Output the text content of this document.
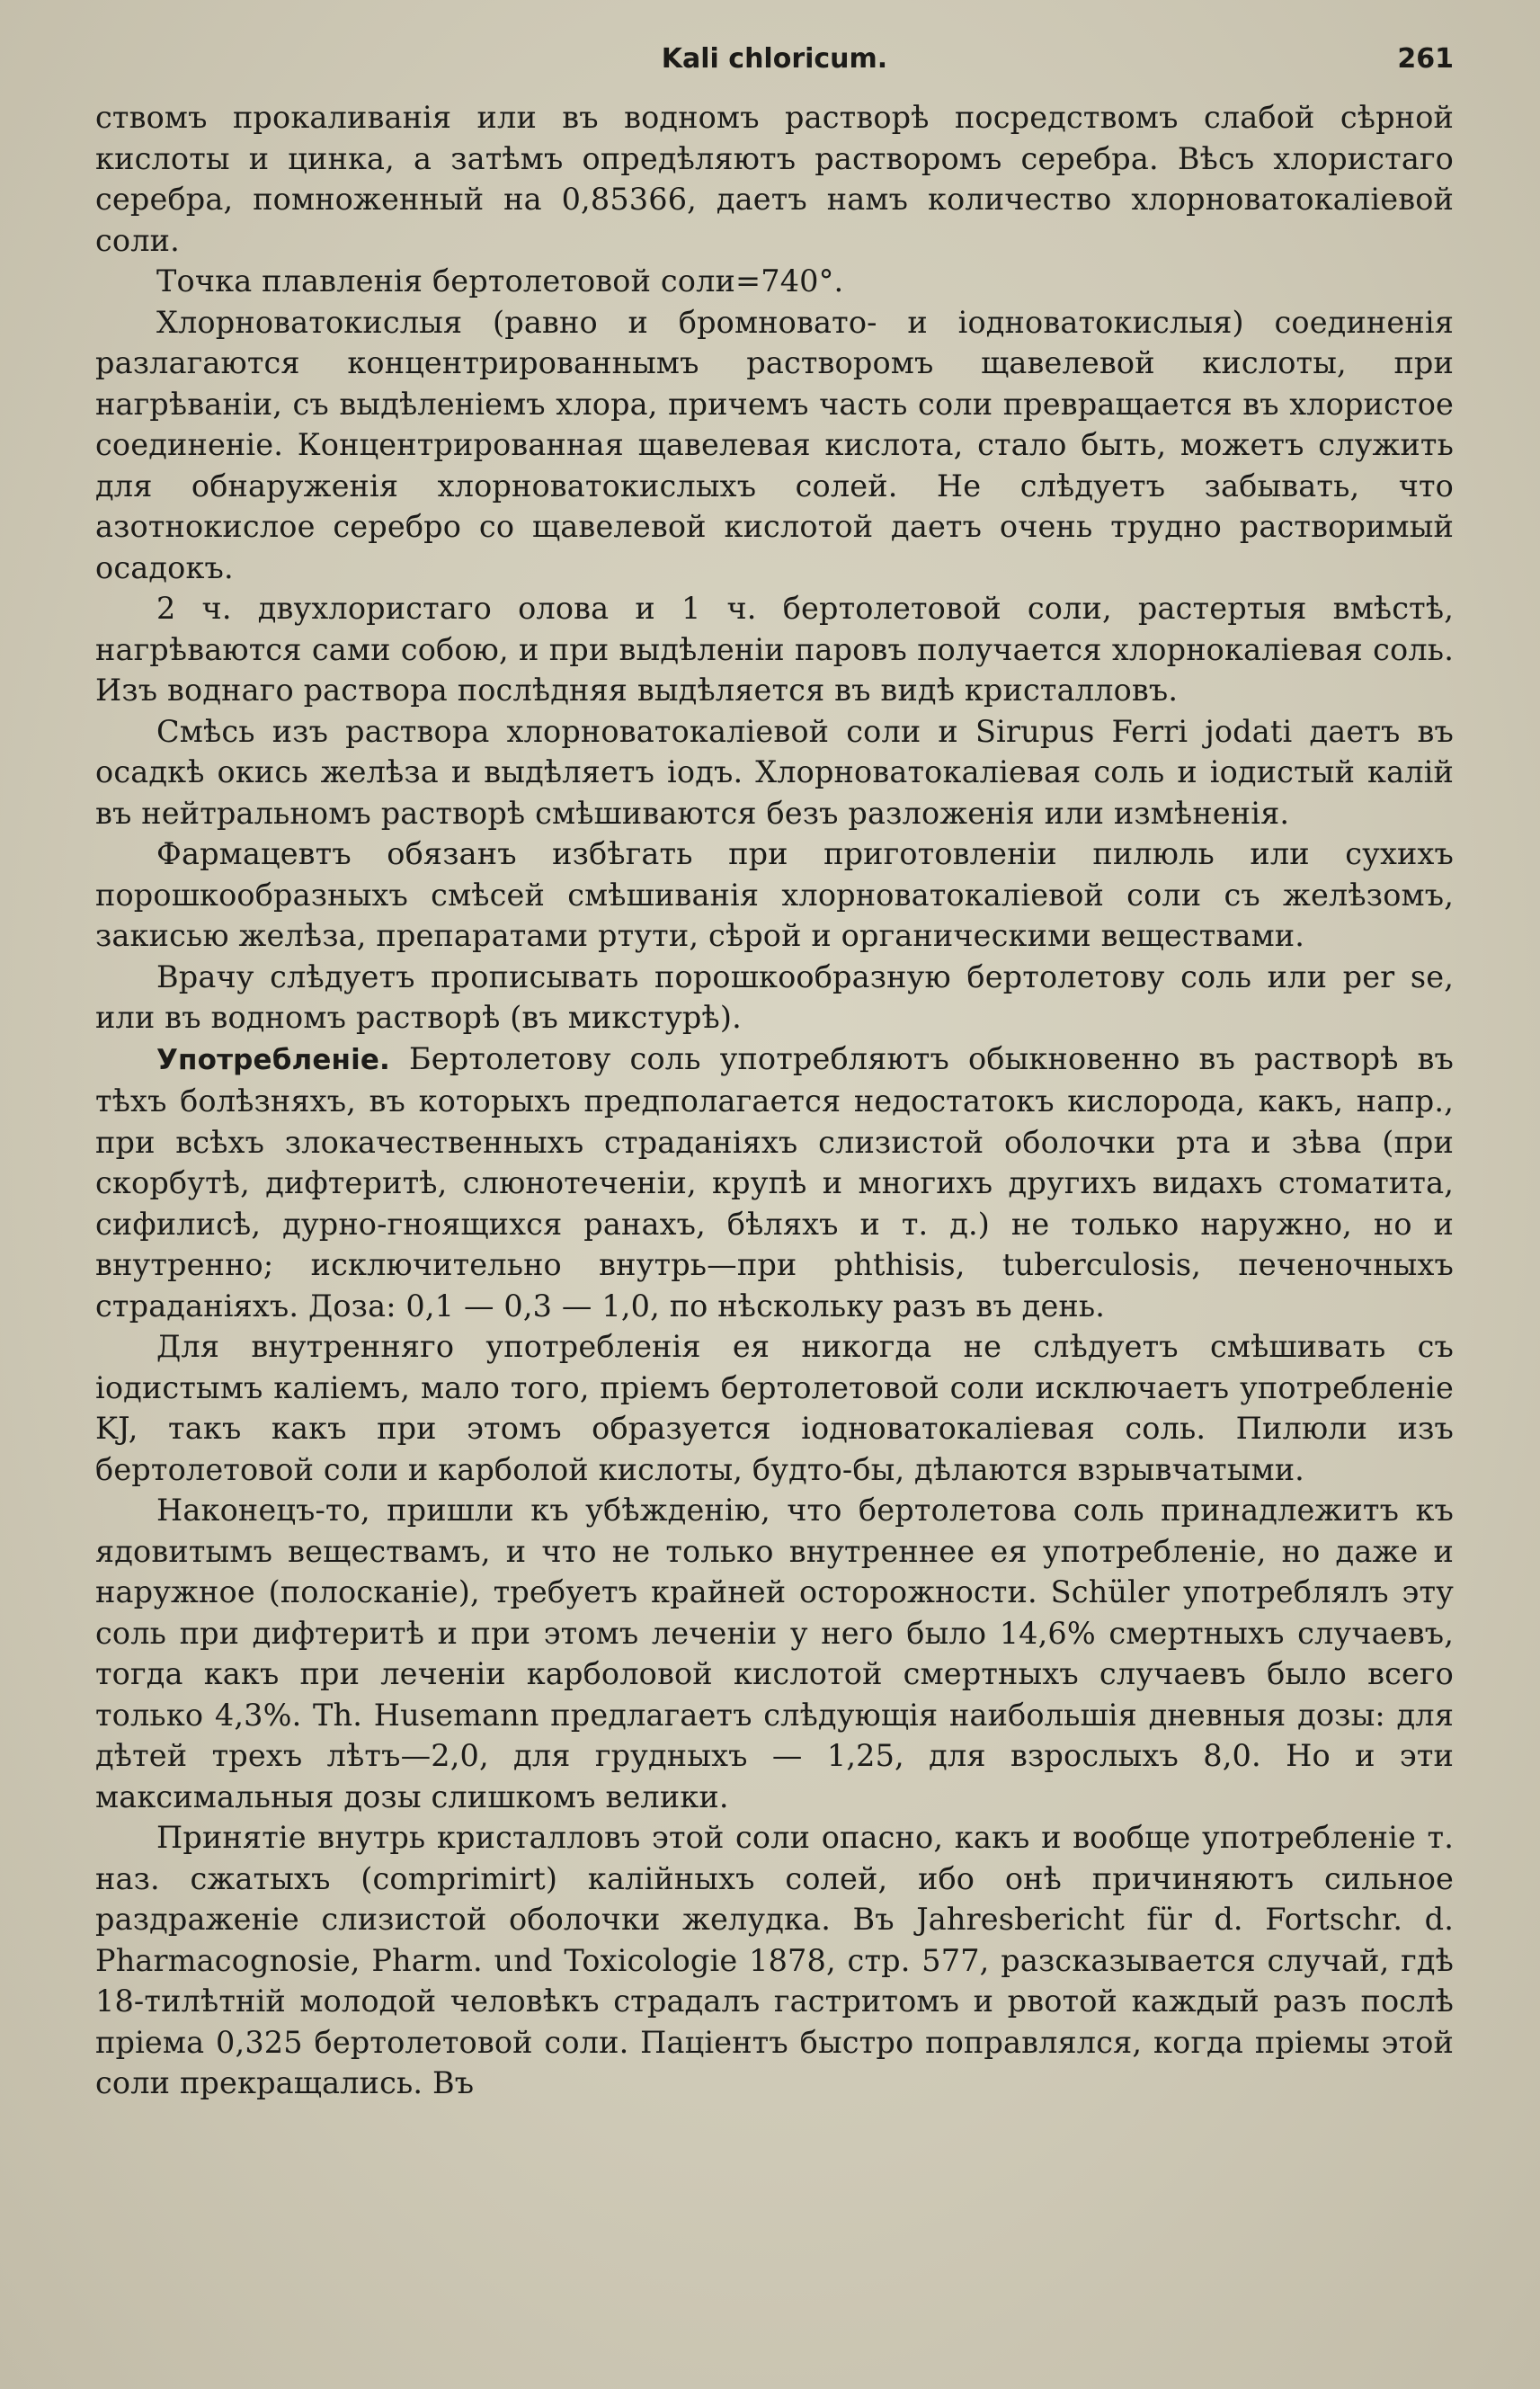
Kali chloricum.	261

ствомъ прокаливанія или въ водномъ растворѣ посредствомъ слабой сѣрной кислоты и цинка, а затѣмъ опредѣляютъ растворомъ серебра. Вѣсъ хлористаго серебра, помноженный на 0,85366, даетъ намъ количество хлорноватокаліевой соли.

Точка плавленія бертолетовой соли=740°.

Хлорноватокислыя (равно и бромновато- и іодноватокислыя) соединенія разлагаются концентрированнымъ растворомъ щавелевой кислоты, при нагрѣваніи, съ выдѣленіемъ хлора, причемъ часть соли превращается въ хлористое соединеніе. Концентрированная щавелевая кислота, стало быть, можетъ служить для обнаруженія хлорноватокислыхъ солей. Не слѣдуетъ забывать, что азотнокислое серебро со щавелевой кислотой даетъ очень трудно растворимый осадокъ.

2 ч. двухлористаго олова и 1 ч. бертолетовой соли, растертыя вмѣстѣ, нагрѣваются сами собою, и при выдѣленіи паровъ получается хлорнокаліевая соль. Изъ воднаго раствора послѣдняя выдѣляется въ видѣ кристалловъ.

Смѣсь изъ раствора хлорноватокаліевой соли и Sirupus Ferri jodati даетъ въ осадкѣ окись желѣза и выдѣляетъ іодъ. Хлорноватокаліевая соль и іодистый калій въ нейтральномъ растворѣ смѣшиваются безъ разложенія или измѣненія.

Фармацевтъ обязанъ избѣгать при приготовленіи пилюль или сухихъ порошкообразныхъ смѣсей смѣшиванія хлорноватокаліевой соли съ желѣзомъ, закисью желѣза, препаратами ртути, сѣрой и органическими веществами.

Врачу слѣдуетъ прописывать порошкообразную бертолетову соль или per se, или въ водномъ растворѣ (въ микстурѣ).

Употребленіе. Бертолетову соль употребляютъ обыкновенно въ растворѣ въ тѣхъ болѣзняхъ, въ которыхъ предполагается недостатокъ кислорода, какъ, напр., при всѣхъ злокачественныхъ страданіяхъ слизистой оболочки рта и зѣва (при скорбутѣ, дифтеритѣ, слюнотеченіи, крупѣ и многихъ другихъ видахъ стоматита, сифилисѣ, дурно-гноящихся ранахъ, бѣляхъ и т. д.) не только наружно, но и внутренно; исключительно внутрь—при phthisis, tuberculosis, печеночныхъ страданіяхъ. Доза: 0,1 — 0,3 — 1,0, по нѣскольку разъ въ день.

Для внутренняго употребленія ея никогда не слѣдуетъ смѣшивать съ іодистымъ каліемъ, мало того, пріемъ бертолетовой соли исключаетъ употребленіе KJ, такъ какъ при этомъ образуется іодноватокаліевая соль. Пилюли изъ бертолетовой соли и карболой кислоты, будто-бы, дѣлаются взрывчатыми.

Наконецъ-то, пришли къ убѣжденію, что бертолетова соль принадлежитъ къ ядовитымъ веществамъ, и что не только внутреннее ея употребленіе, но даже и наружное (полосканіе), требуетъ крайней осторожности. Schüler употреблялъ эту соль при дифтеритѣ и при этомъ леченіи у него было 14,6% смертныхъ случаевъ, тогда какъ при леченіи карболовой кислотой смертныхъ случаевъ было всего только 4,3%. Th. Husemann предлагаетъ слѣдующія наибольшія дневныя дозы: для дѣтей трехъ лѣтъ—2,0, для грудныхъ — 1,25, для взрослыхъ 8,0. Но и эти максимальныя дозы слишкомъ велики.

Принятіе внутрь кристалловъ этой соли опасно, какъ и вообще употребленіе т. наз. сжатыхъ (comprimirt) калійныхъ солей, ибо онѣ причиняютъ сильное раздраженіе слизистой оболочки желудка. Въ Jahresbericht für d. Fortschr. d. Pharmacognosie, Pharm. und Toxicologie 1878, стр. 577, разсказывается случай, гдѣ 18-тилѣтній молодой человѣкъ страдалъ гастритомъ и рвотой каждый разъ послѣ пріема 0,325 бертолетовой соли. Паціентъ быстро поправлялся, когда пріемы этой соли прекращались. Въ
